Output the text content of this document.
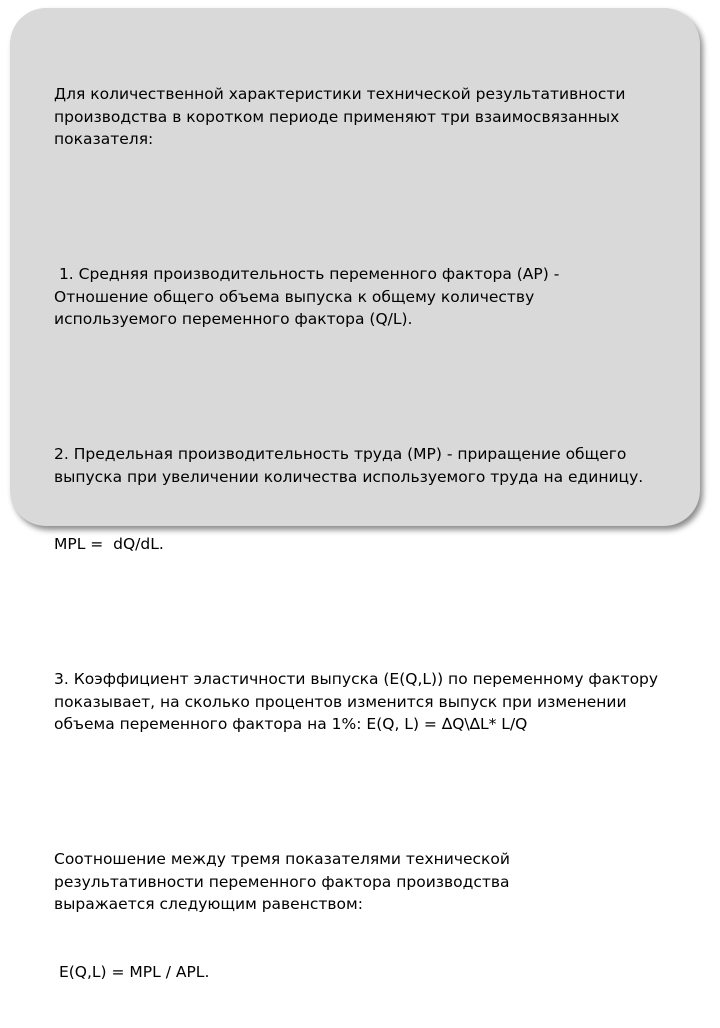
Для количественной характеристики технической результативности производства в коротком периоде применяют три взаимосвязанных показателя:

1. Средняя производительность переменного фактора (AP) - Отношение общего объема выпуска к общему количеству используемого переменного фактора (Q/L).

2. Предельная производительность труда (MP) - приращение общего выпуска при увеличении количества используемого труда на единицу.

MPL =  dQ/dL.

3. Коэффициент эластичности выпуска (E(Q,L)) по переменному фактору показывает, на сколько процентов изменится выпуск при изменении объема переменного фактора на 1%: E(Q, L) = ∆Q\∆L* L/Q

Соотношение между тремя показателями технической результативности переменного фактора производства выражается следующим равенством:

E(Q,L) = MPL / APL.
